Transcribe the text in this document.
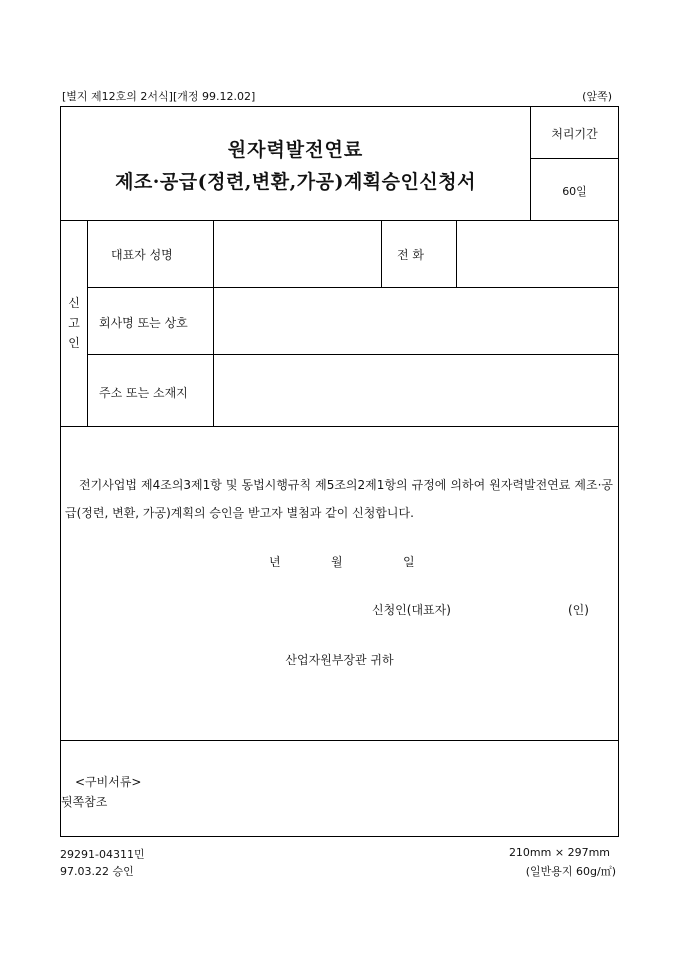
[별지 제12호의 2서식][개정 99.12.02]	(앞쪽)
원자력발전연료
제조·공급(정련,변환,가공)계획승인신청서
처리기간
60일
신
고
인
대표자 성명	전 화
회사명 또는 상호
주소 또는 소재지
전기사업법 제4조의3제1항 및 동법시행규칙 제5조의2제1항의 규정에 의하여 원자력발전연료 제조·공급(정련, 변환, 가공)계획의 승인을 받고자 별첨과 같이 신청합니다.
년	월	일
신청인(대표자)	(인)
산업자원부장관 귀하
<구비서류>
뒷쪽참조
29291-04311민
97.03.22 승인
210mm × 297mm
(일반용지 60g/㎡)
